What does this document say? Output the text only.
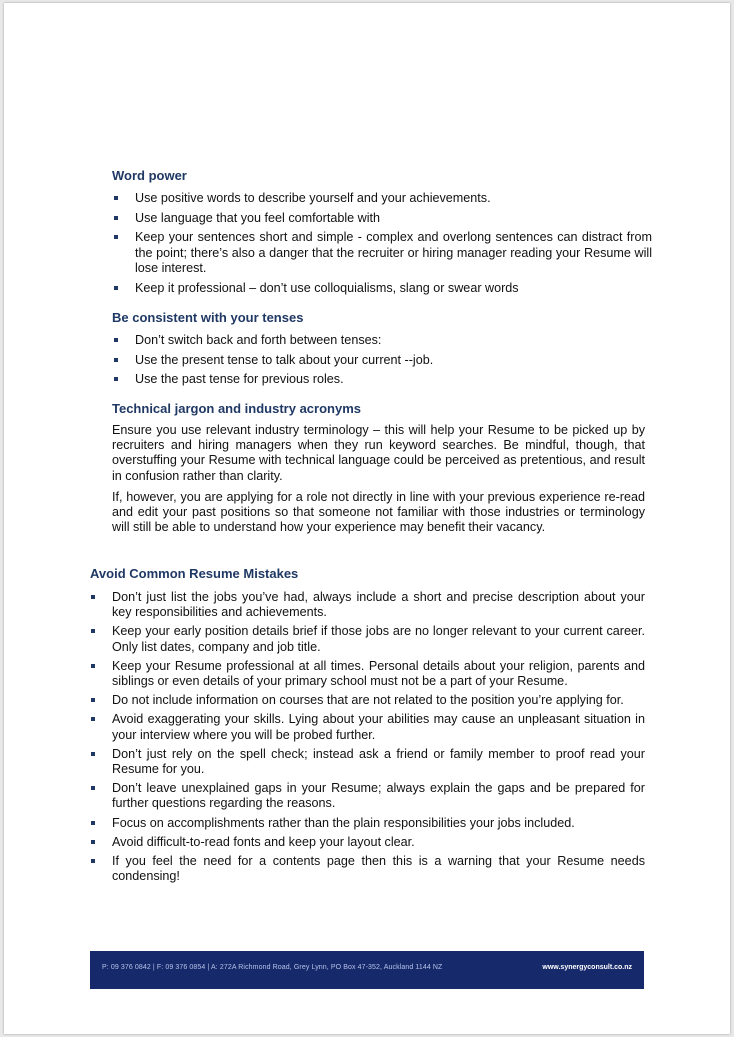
Word power
Use positive words to describe yourself and your achievements.
Use language that you feel comfortable with
Keep your sentences short and simple - complex and overlong sentences can distract from the point; there’s also a danger that the recruiter or hiring manager reading your Resume will lose interest.
Keep it professional – don’t use colloquialisms, slang or swear words
Be consistent with your tenses
Don’t switch back and forth between tenses:
Use the present tense to talk about your current --job.
Use the past tense for previous roles.
Technical jargon and industry acronyms
Ensure you use relevant industry terminology – this will help your Resume to be picked up by recruiters and hiring managers when they run keyword searches. Be mindful, though, that overstuffing your Resume with technical language could be perceived as pretentious, and result in confusion rather than clarity.
If, however, you are applying for a role not directly in line with your previous experience re-read and edit your past positions so that someone not familiar with those industries or terminology will still be able to understand how your experience may benefit their vacancy.
Avoid Common Resume Mistakes
Don’t just list the jobs you’ve had, always include a short and precise description about your key responsibilities and achievements.
Keep your early position details brief if those jobs are no longer relevant to your current career. Only list dates, company and job title.
Keep your Resume professional at all times. Personal details about your religion, parents and siblings or even details of your primary school must not be a part of your Resume.
Do not include information on courses that are not related to the position you’re applying for.
Avoid exaggerating your skills. Lying about your abilities may cause an unpleasant situation in your interview where you will be probed further.
Don’t just rely on the spell check; instead ask a friend or family member to proof read your Resume for you.
Don’t leave unexplained gaps in your Resume; always explain the gaps and be prepared for further questions regarding the reasons.
Focus on accomplishments rather than the plain responsibilities your jobs included.
Avoid difficult-to-read fonts and keep your layout clear.
If you feel the need for a contents page then this is a warning that your Resume needs condensing!
P: 09 376 0842 | F: 09 376 0854 | A: 272A Richmond Road, Grey Lynn, PO Box 47-352, Auckland 1144 NZ	www.synergyconsult.co.nz
